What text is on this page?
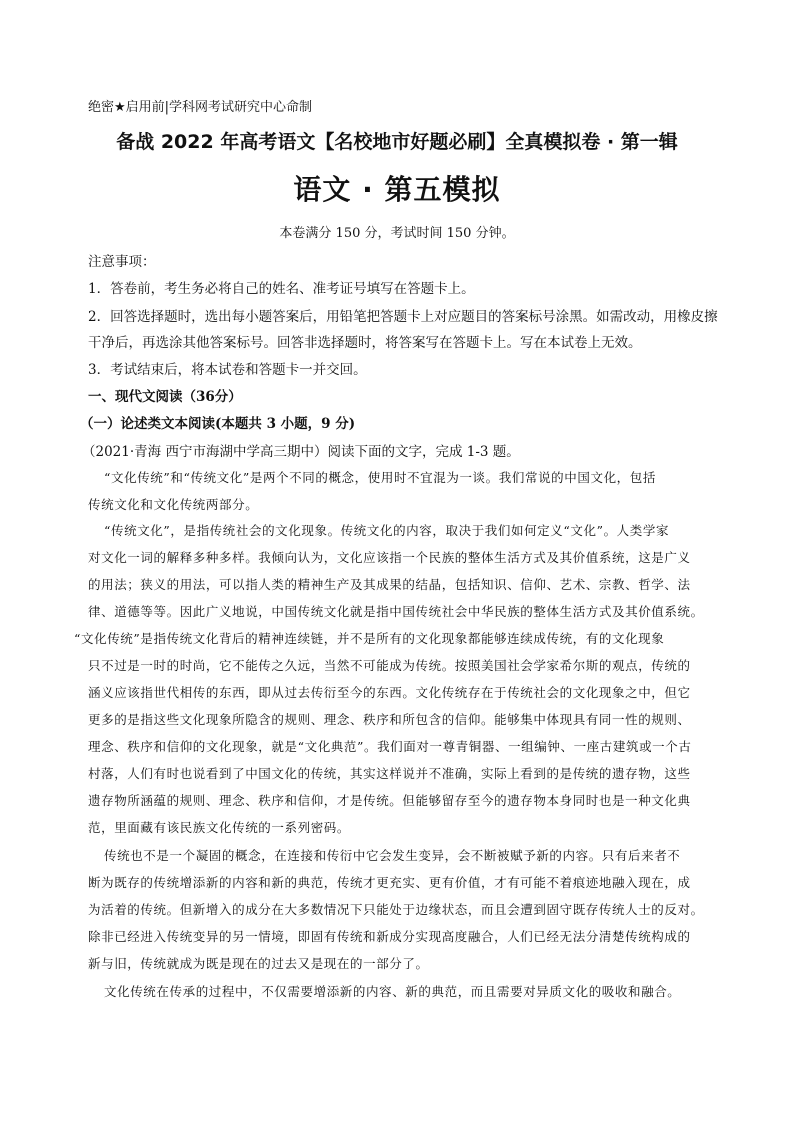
绝密★启用前|学科网考试研究中心命制
备战 2022 年高考语文【名校地市好题必刷】全真模拟卷 · 第一辑
语文 · 第五模拟
本卷满分 150 分，考试时间 150 分钟。
注意事项：
1．答卷前，考生务必将自己的姓名、准考证号填写在答题卡上。
2．回答选择题时，选出每小题答案后，用铅笔把答题卡上对应题目的答案标号涂黑。如需改动，用橡皮擦
干净后，再选涂其他答案标号。回答非选择题时，将答案写在答题卡上。写在本试卷上无效。
3．考试结束后，将本试卷和答题卡一并交回。
一、现代文阅读（36分）
（一）论述类文本阅读(本题共 3 小题，9 分)
（2021·青海 西宁市海湖中学高三期中）阅读下面的文字，完成 1-3 题。
“文化传统”和“传统文化”是两个不同的概念，使用时不宜混为一谈。我们常说的中国文化，包括
传统文化和文化传统两部分。
“传统文化”，是指传统社会的文化现象。传统文化的内容，取决于我们如何定义“文化”。人类学家
对文化一词的解释多种多样。我倾向认为，文化应该指一个民族的整体生活方式及其价值系统，这是广义
的用法；狭义的用法，可以指人类的精神生产及其成果的结晶，包括知识、信仰、艺术、宗教、哲学、法
律、道德等等。因此广义地说，中国传统文化就是指中国传统社会中华民族的整体生活方式及其价值系统。
“文化传统”是指传统文化背后的精神连续链，并不是所有的文化现象都能够连续成传统，有的文化现象
只不过是一时的时尚，它不能传之久远，当然不可能成为传统。按照美国社会学家希尔斯的观点，传统的
涵义应该指世代相传的东西，即从过去传衍至今的东西。文化传统存在于传统社会的文化现象之中，但它
更多的是指这些文化现象所隐含的规则、理念、秩序和所包含的信仰。能够集中体现具有同一性的规则、
理念、秩序和信仰的文化现象，就是“文化典范”。我们面对一尊青铜器、一组编钟、一座古建筑或一个古
村落，人们有时也说看到了中国文化的传统，其实这样说并不准确，实际上看到的是传统的遗存物，这些
遗存物所涵蕴的规则、理念、秩序和信仰，才是传统。但能够留存至今的遗存物本身同时也是一种文化典
范，里面藏有该民族文化传统的一系列密码。
传统也不是一个凝固的概念，在连接和传衍中它会发生变异，会不断被赋予新的内容。只有后来者不
断为既存的传统增添新的内容和新的典范，传统才更充实、更有价值，才有可能不着痕迹地融入现在，成
为活着的传统。但新增入的成分在大多数情况下只能处于边缘状态，而且会遭到固守既存传统人士的反对。
除非已经进入传统变异的另一情境，即固有传统和新成分实现高度融合，人们已经无法分清楚传统构成的
新与旧，传统就成为既是现在的过去又是现在的一部分了。
文化传统在传承的过程中，不仅需要增添新的内容、新的典范，而且需要对异质文化的吸收和融合。
